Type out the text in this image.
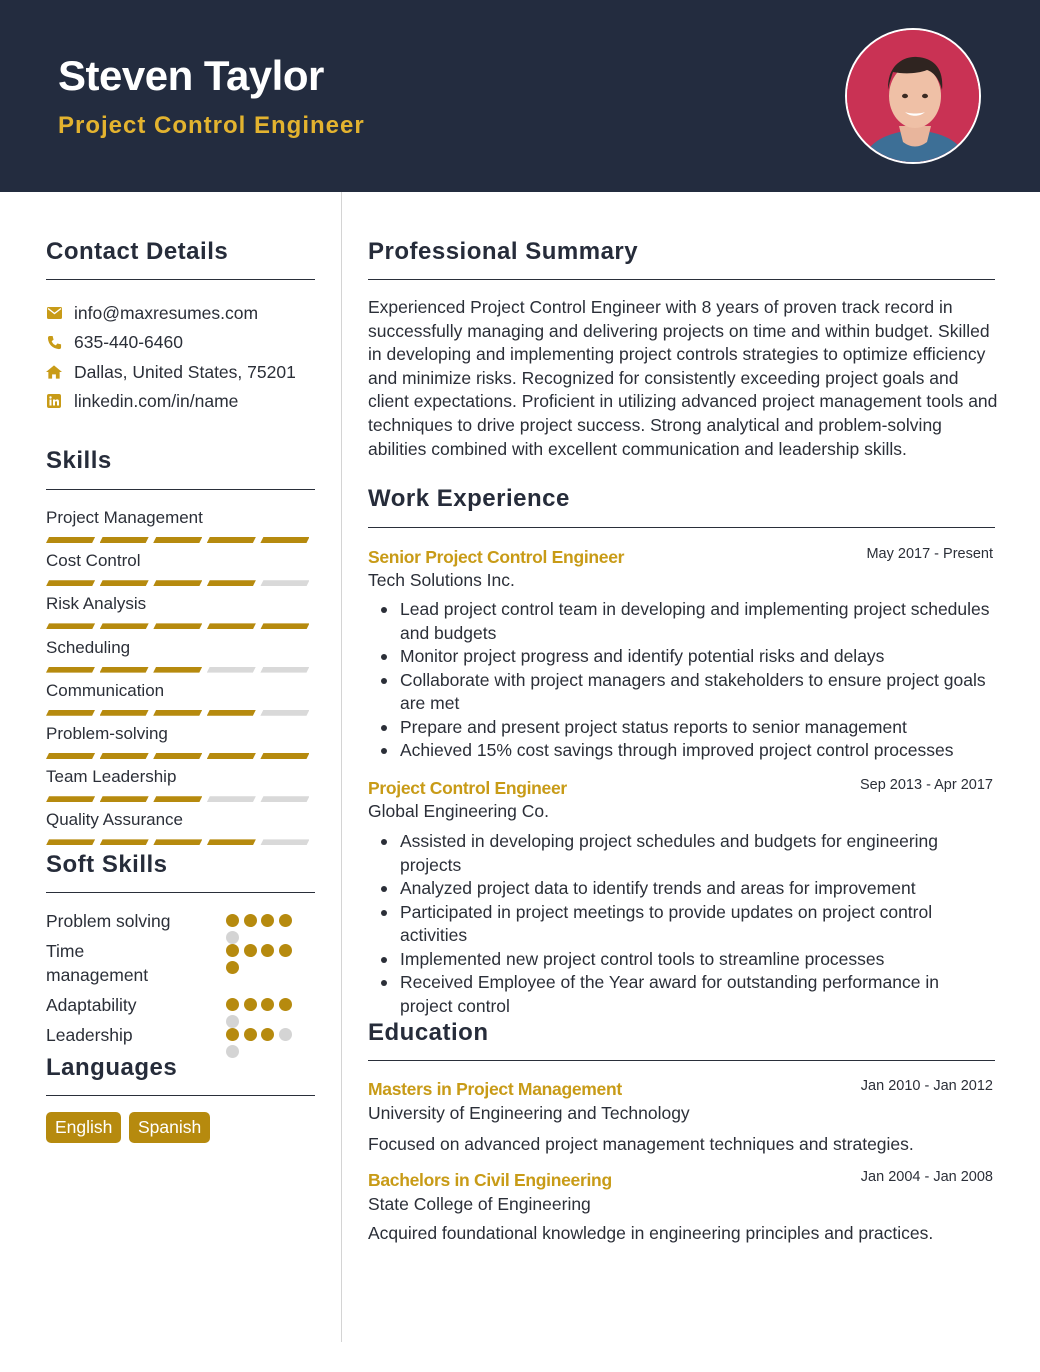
Steven Taylor
Project Control Engineer
Contact Details
info@maxresumes.com
635-440-6460
Dallas, United States, 75201
linkedin.com/in/name
Skills
Project Management
Cost Control
Risk Analysis
Scheduling
Communication
Problem-solving
Team Leadership
Quality Assurance
Soft Skills
Problem solving
Time management
Adaptability
Leadership
Languages
English	Spanish
Professional Summary
Experienced Project Control Engineer with 8 years of proven track record in successfully managing and delivering projects on time and within budget. Skilled in developing and implementing project controls strategies to optimize efficiency and minimize risks. Recognized for consistently exceeding project goals and client expectations. Proficient in utilizing advanced project management tools and techniques to drive project success. Strong analytical and problem-solving abilities combined with excellent communication and leadership skills.
Work Experience
Senior Project Control Engineer	May 2017 - Present
Tech Solutions Inc.
Lead project control team in developing and implementing project schedules and budgets
Monitor project progress and identify potential risks and delays
Collaborate with project managers and stakeholders to ensure project goals are met
Prepare and present project status reports to senior management
Achieved 15% cost savings through improved project control processes
Project Control Engineer	Sep 2013 - Apr 2017
Global Engineering Co.
Assisted in developing project schedules and budgets for engineering projects
Analyzed project data to identify trends and areas for improvement
Participated in project meetings to provide updates on project control activities
Implemented new project control tools to streamline processes
Received Employee of the Year award for outstanding performance in project control
Education
Masters in Project Management	Jan 2010 - Jan 2012
University of Engineering and Technology
Focused on advanced project management techniques and strategies.
Bachelors in Civil Engineering	Jan 2004 - Jan 2008
State College of Engineering
Acquired foundational knowledge in engineering principles and practices.
